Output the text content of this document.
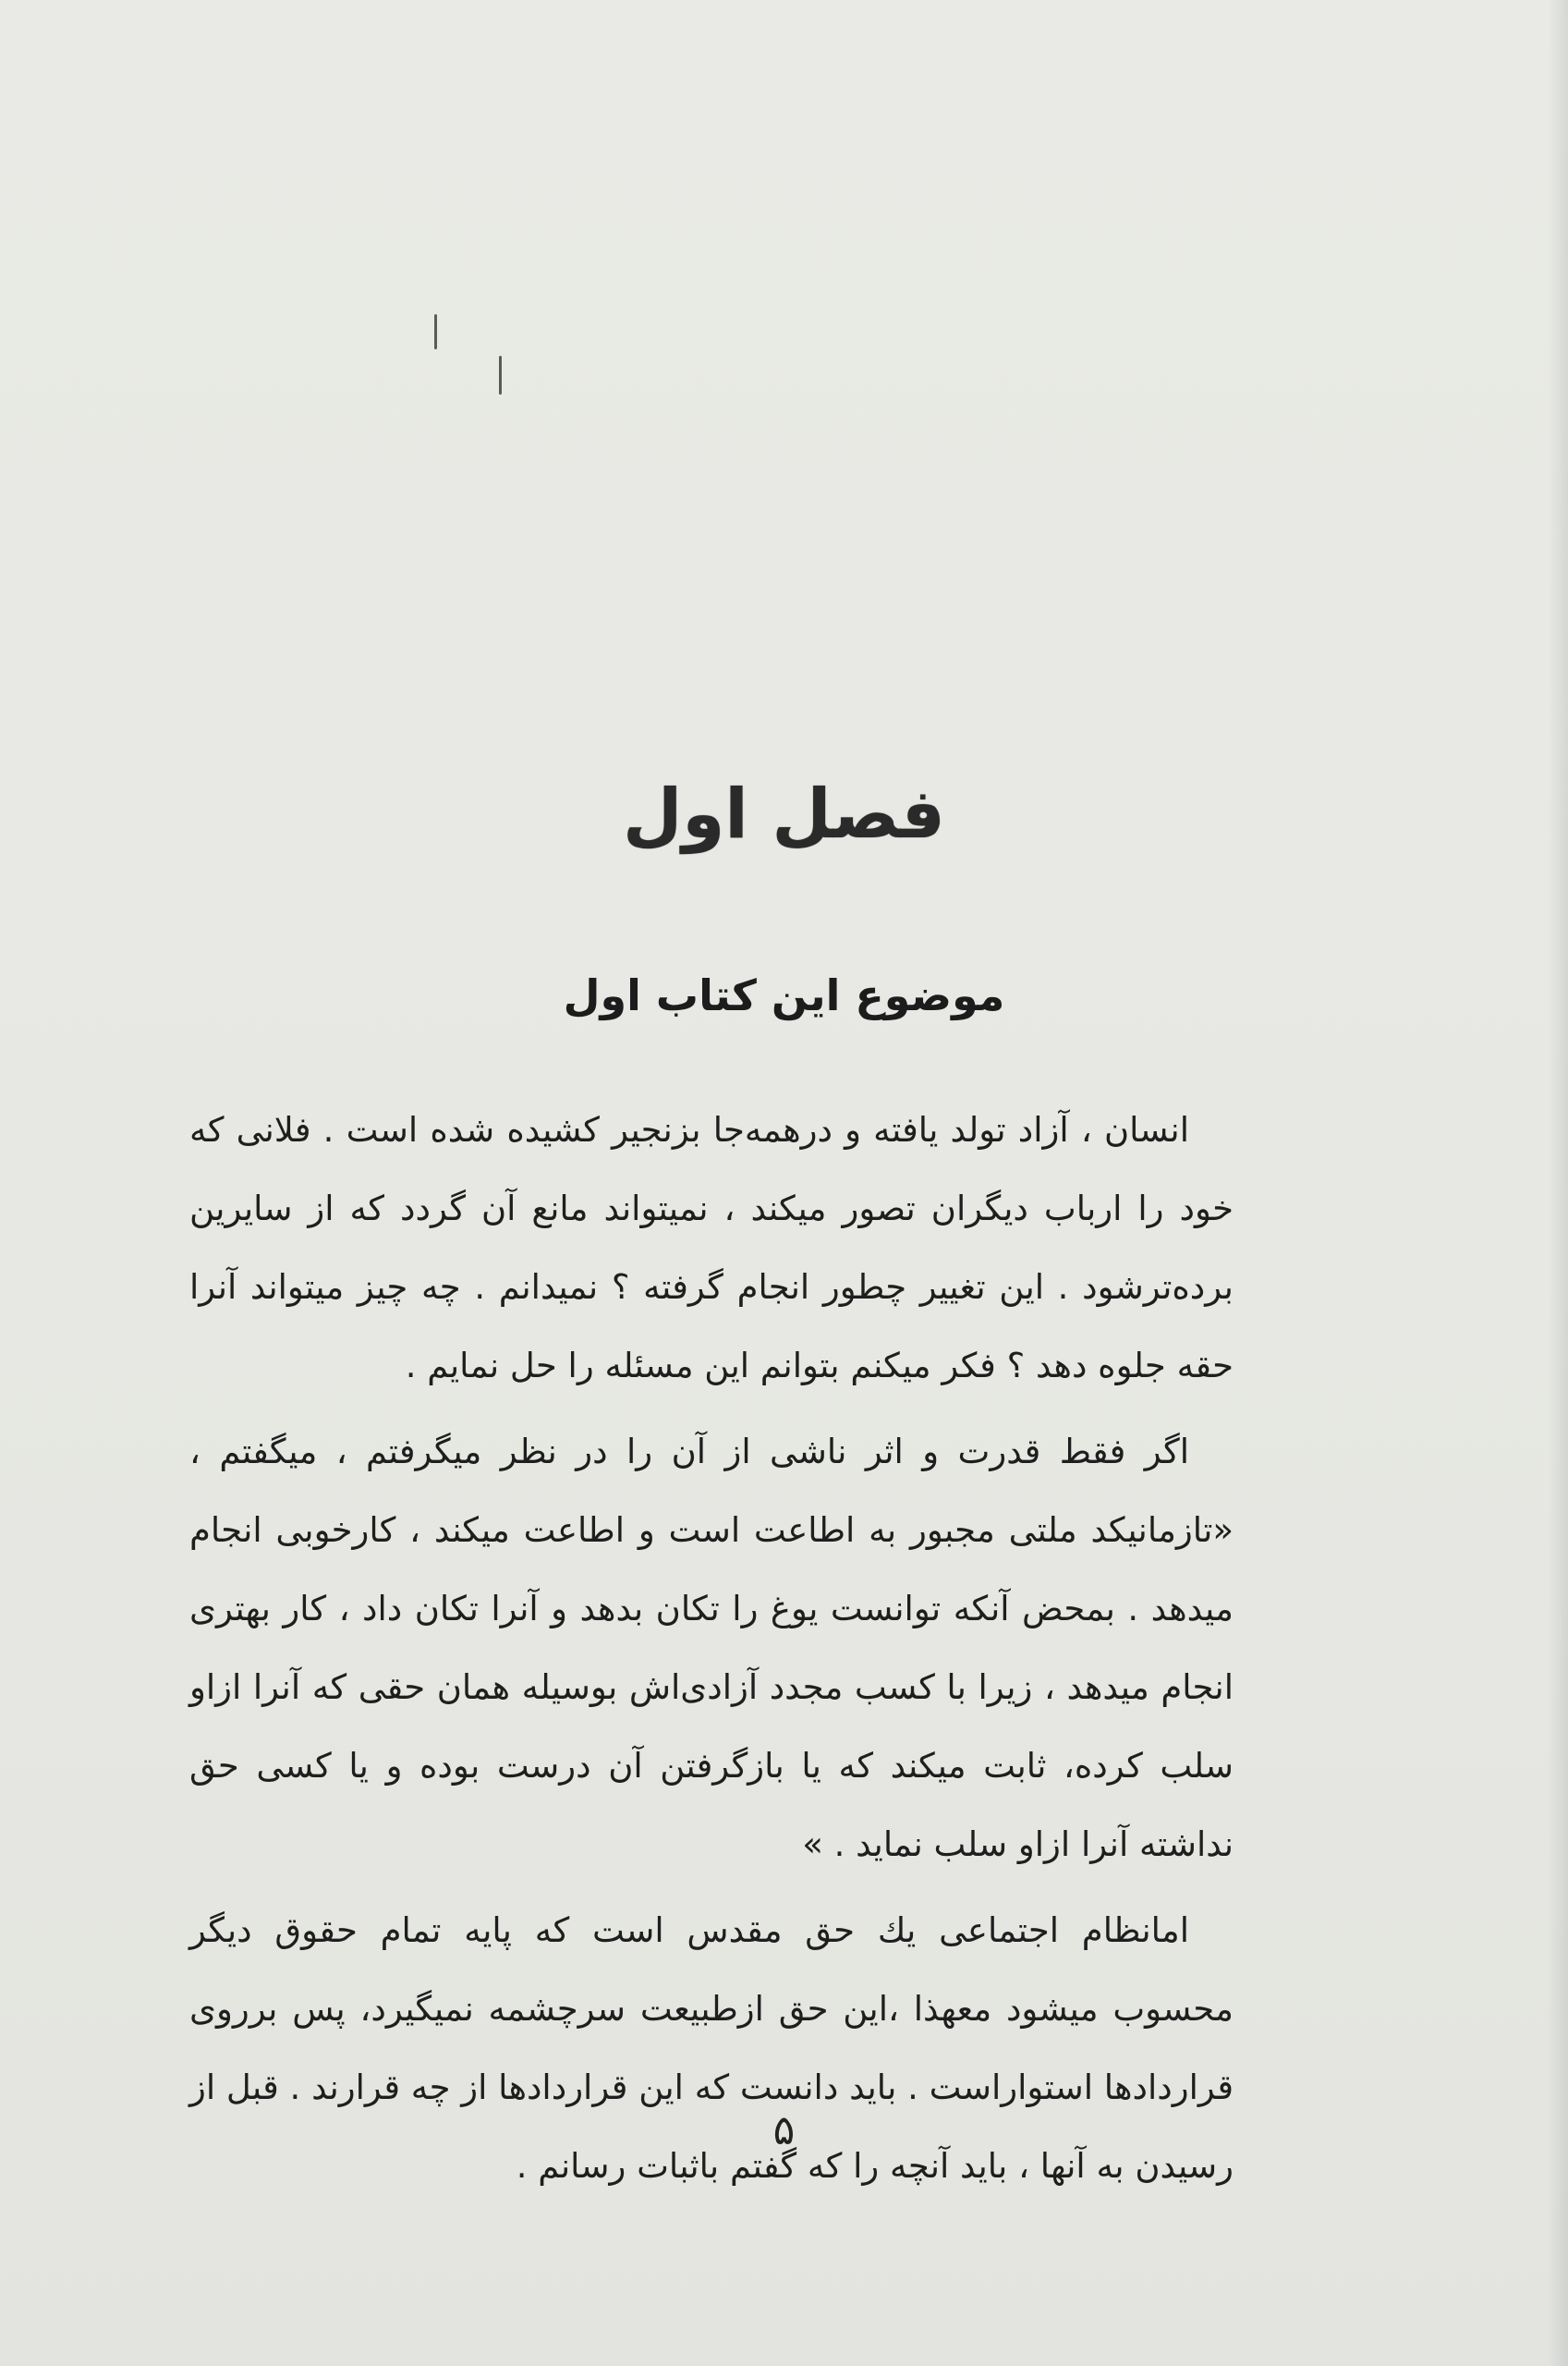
فصل اول
موضوع این کتاب اول

انسان ، آزاد تولد یافته و درهمه‌جا بزنجیر کشیده شده است . فلانی که خود را ارباب دیگران تصور میکند ، نمیتواند مانع آن گردد که از سایرین برده‌ترشود . این تغییر چطور انجام گرفته ؟ نمیدانم . چه چیز میتواند آنرا حقه جلوه دهد ؟ فکر میکنم بتوانم این مسئله را حل نمایم .

اگر فقط قدرت و اثر ناشی از آن را در نظر میگرفتم ، میگفتم ، «تازمانیکد ملتی مجبور به اطاعت است و اطاعت میکند ، کارخوبی انجام میدهد . بمحض آنکه توانست یوغ را تکان بدهد و آنرا تکان داد ، کار بهتری انجام میدهد ، زیرا با کسب مجدد آزادی‌اش بوسیله همان حقی که آنرا ازاو سلب کرده، ثابت میکند که یا بازگرفتن آن درست بوده و یا کسی حق نداشته آنرا ازاو سلب نماید . »

امانظام اجتماعی یك حق مقدس است که پایه تمام حقوق دیگر محسوب میشود معهذا ،این حق ازطبیعت سرچشمه نمیگیرد، پس برروی قراردادها استواراست . باید دانست که این قراردادها از چه قرارند . قبل از رسیدن به آنها ، باید آنچه را که گفتم باثبات رسانم .

۵
